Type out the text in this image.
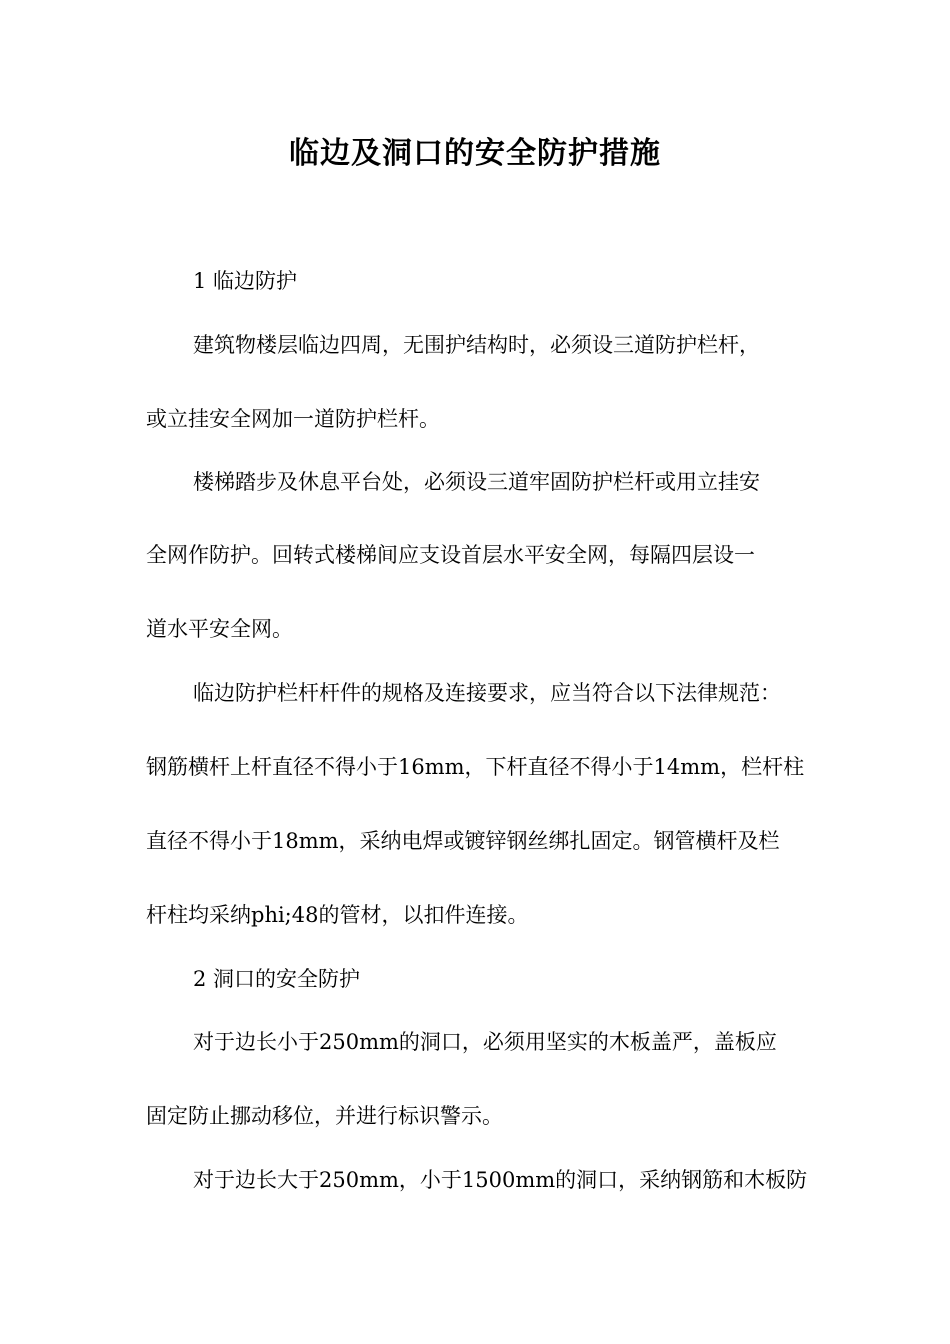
临边及洞口的安全防护措施
1 临边防护
建筑物楼层临边四周，无围护结构时，必须设三道防护栏杆，
或立挂安全网加一道防护栏杆。
楼梯踏步及休息平台处，必须设三道牢固防护栏杆或用立挂安
全网作防护。回转式楼梯间应支设首层水平安全网，每隔四层设一
道水平安全网。
临边防护栏杆杆件的规格及连接要求，应当符合以下法律规范：
钢筋横杆上杆直径不得小于16mm，下杆直径不得小于14mm，栏杆柱
直径不得小于18mm，采纳电焊或镀锌钢丝绑扎固定。钢管横杆及栏
杆柱均采纳phi;48的管材，以扣件连接。
2 洞口的安全防护
对于边长小于250mm的洞口，必须用坚实的木板盖严，盖板应
固定防止挪动移位，并进行标识警示。
对于边长大于250mm，小于1500mm的洞口，采纳钢筋和木板防
